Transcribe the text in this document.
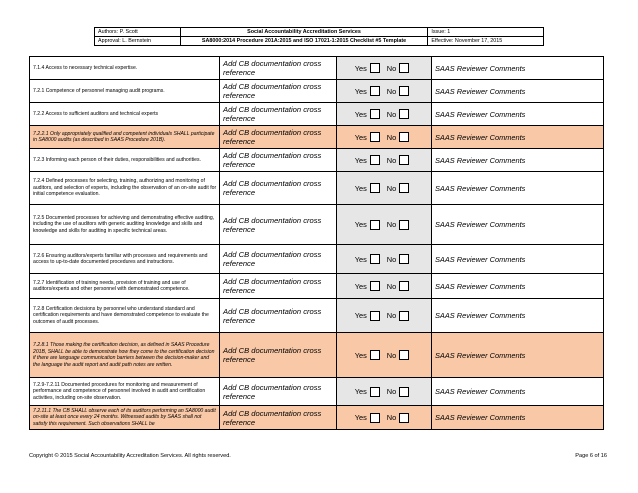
Authors: P. Scott	Social Accountability Accreditation Services	Issue: 1
Approval: L. Bernstein	SA8000:2014 Procedure 201A:2015 and ISO 17021-1:2015 Checklist #5 Template	Effective: November 17, 2015
7.1.4 Access to necessary technical expertise.	Add CB documentation cross reference	Yes No	SAAS Reviewer Comments
7.2.1 Competence of personnel managing audit programs.	Add CB documentation cross reference	Yes No	SAAS Reviewer Comments
7.2.2 Access to sufficient auditors and technical experts	Add CB documentation cross reference	Yes No	SAAS Reviewer Comments
7.2.2.1 Only appropriately qualified and competent individuals SHALL participate in SA8000 audits (as described in SAAS Procedure 201B).	Add CB documentation cross reference	Yes No	SAAS Reviewer Comments
7.2.3 Informing each person of their duties, responsibilities and authorities.	Add CB documentation cross reference	Yes No	SAAS Reviewer Comments
7.2.4 Defined processes for selecting, training, authorizing and monitoring of auditors, and selection of experts, including the observation of an on-site audit for initial competence evaluation.	Add CB documentation cross reference	Yes No	SAAS Reviewer Comments
7.2.5 Documented processes for achieving and demonstrating effective auditing, including the use of auditors with generic auditing knowledge and skills and knowledge and skills for auditing in specific technical areas.	Add CB documentation cross reference	Yes No	SAAS Reviewer Comments
7.2.6 Ensuring auditors/experts familiar with processes and requirements and access to up-to-date documented procedures and instructions.	Add CB documentation cross reference	Yes No	SAAS Reviewer Comments
7.2.7 Identification of training needs, provision of training and use of auditors/experts and other personnel with demonstrated competence.	Add CB documentation cross reference	Yes No	SAAS Reviewer Comments
7.2.8 Certification decisions by personnel who understand standard and certification requirements and have demonstrated competence to evaluate the outcomes of audit processes.	Add CB documentation cross reference	Yes No	SAAS Reviewer Comments
7.2.8.1 Those making the certification decision, as defined in SAAS Procedure 201B, SHALL be able to demonstrate how they come to the certification decision if there are language communication barriers between the decision-maker and the language the audit report and audit path notes are written.	Add CB documentation cross reference	Yes No	SAAS Reviewer Comments
7.2.9-7.2.11 Documented procedures for monitoring and measurement of performance and competence of personnel involved in audit and certification activities, including on-site observation.	Add CB documentation cross reference	Yes No	SAAS Reviewer Comments
7.2.11.1 The CB SHALL observe each of its auditors performing an SA8000 audit on-site at least once every 24 months. Witnessed audits by SAAS shall not satisfy this requirement. Such observations SHALL be	Add CB documentation cross reference	Yes No	SAAS Reviewer Comments
Copyright © 2015 Social Accountability Accreditation Services. All rights reserved.	Page 6 of 16
